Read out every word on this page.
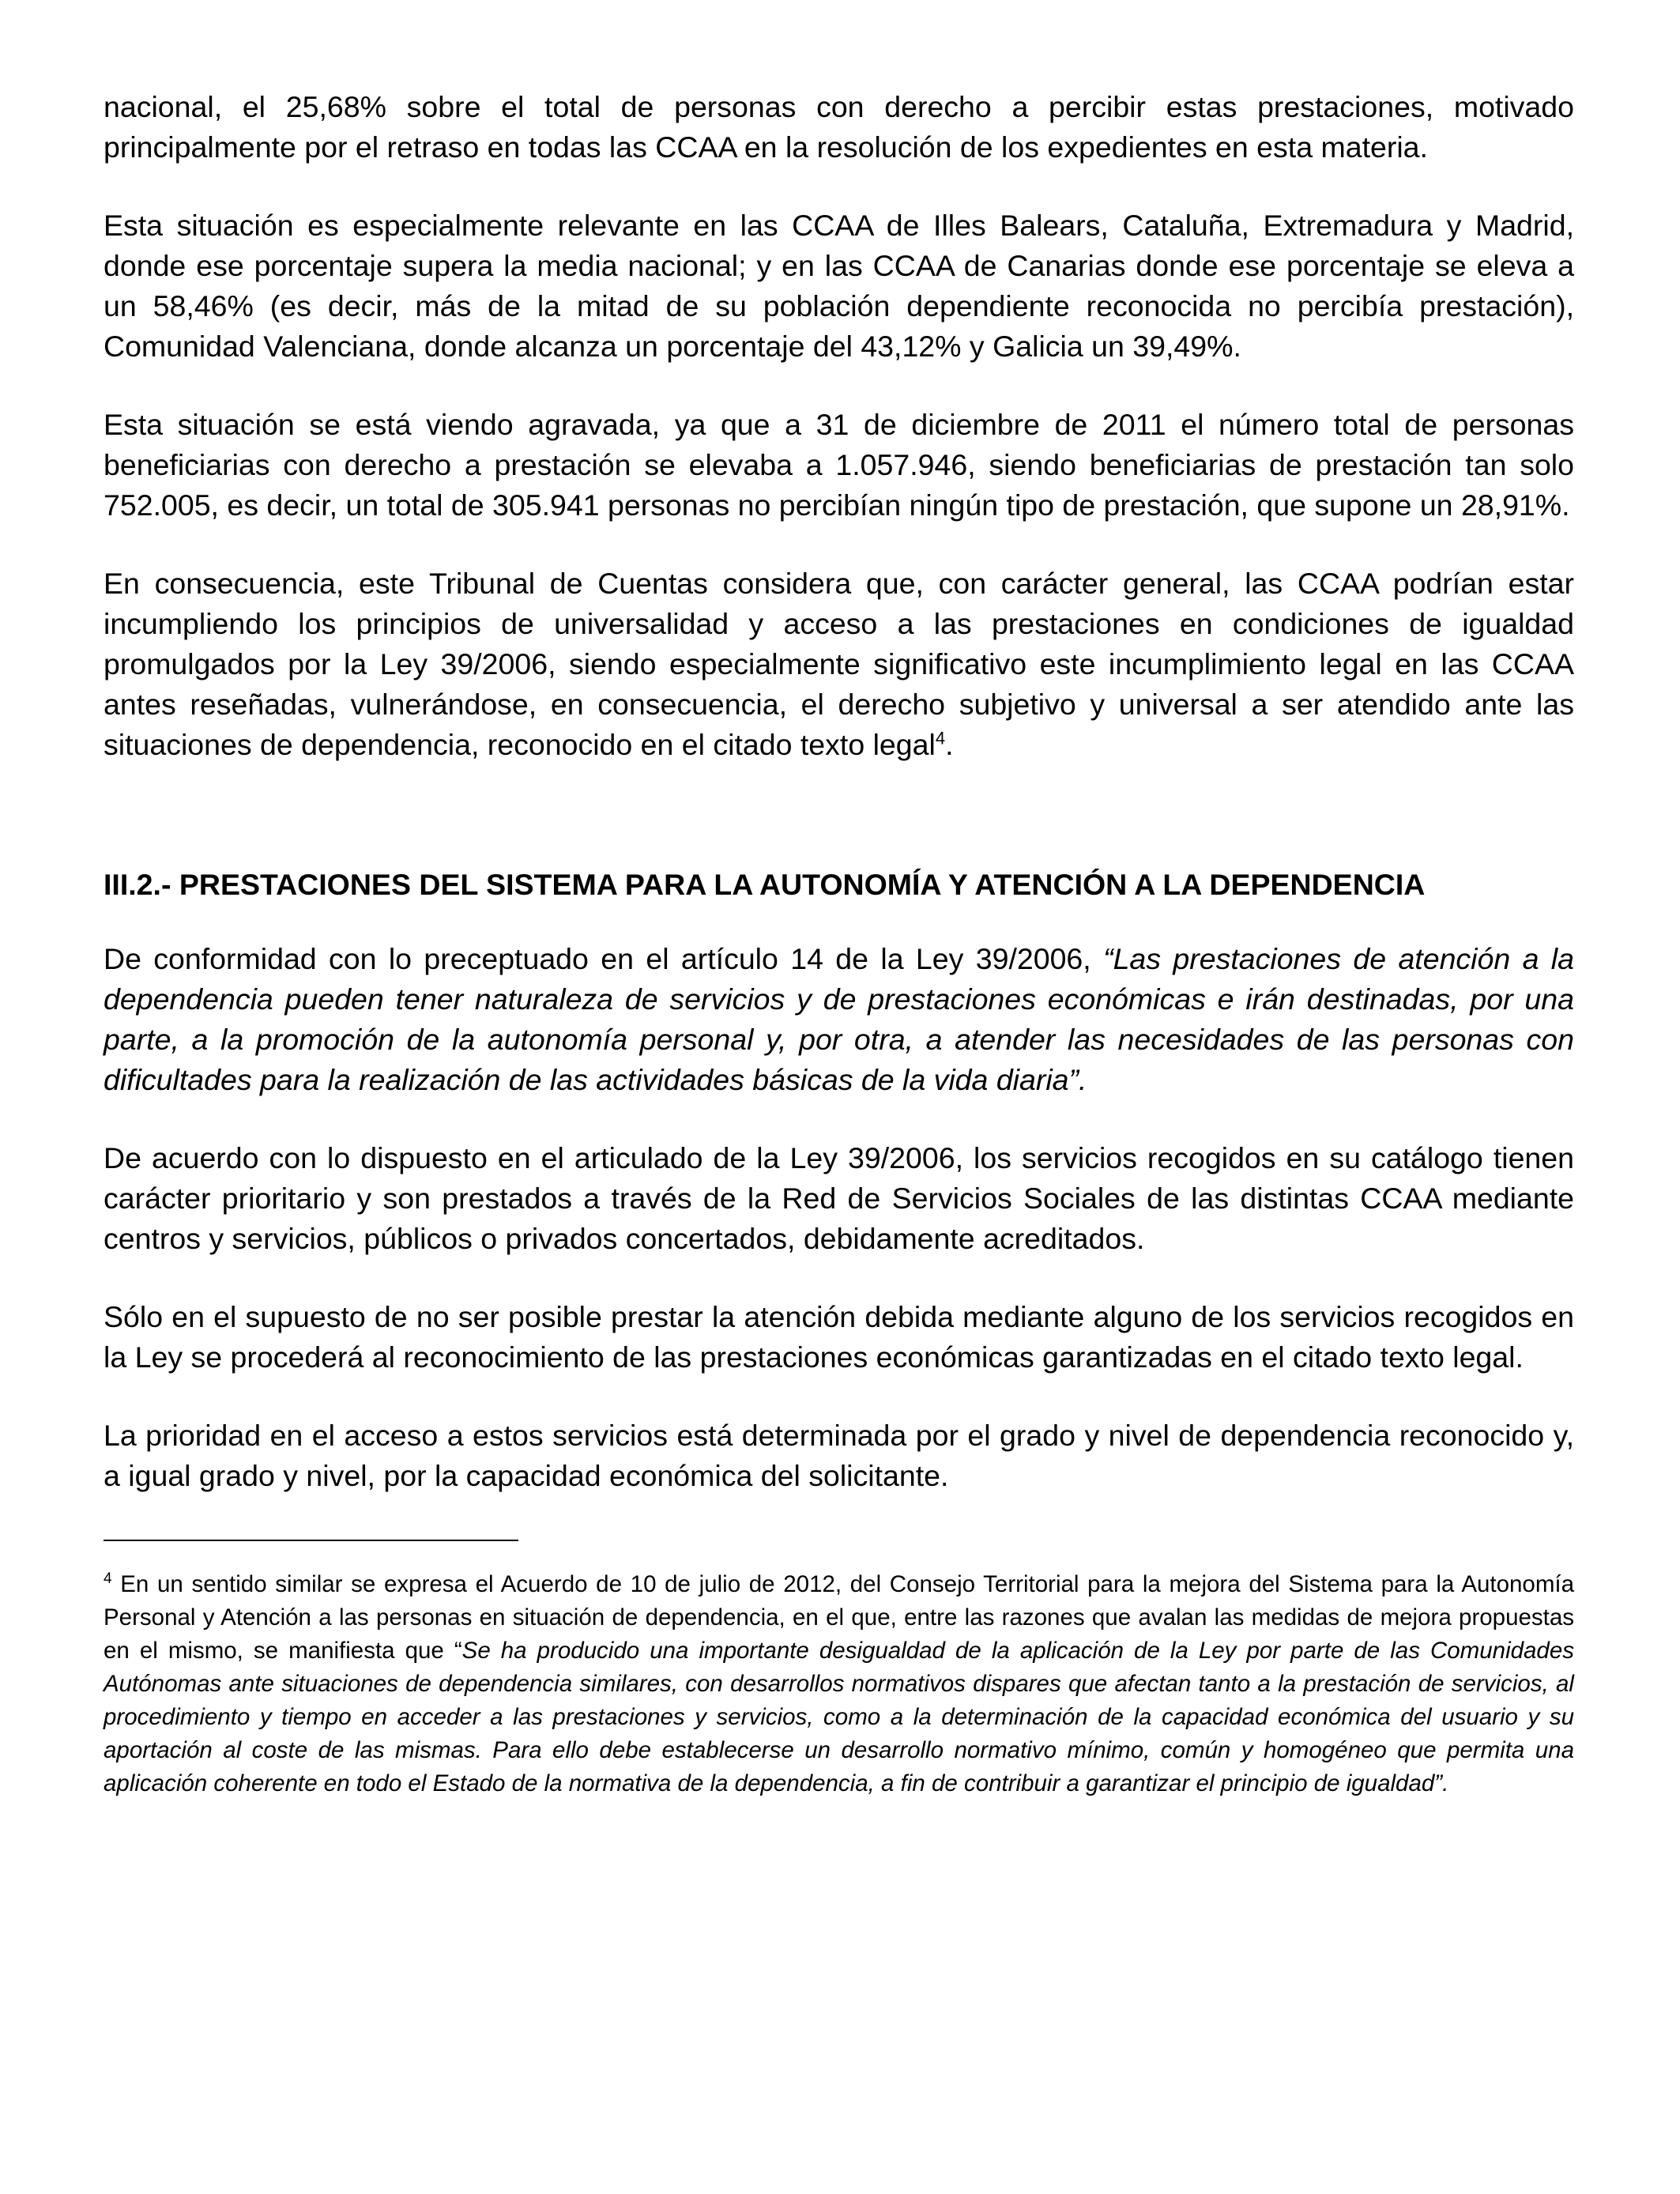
nacional, el 25,68% sobre el total de personas con derecho a percibir estas prestaciones, motivado principalmente por el retraso en todas las CCAA en la resolución de los expedientes en esta materia.

Esta situación es especialmente relevante en las CCAA de Illes Balears, Cataluña, Extremadura y Madrid, donde ese porcentaje supera la media nacional; y en las CCAA de Canarias donde ese porcentaje se eleva a un 58,46% (es decir, más de la mitad de su población dependiente reconocida no percibía prestación), Comunidad Valenciana, donde alcanza un porcentaje del 43,12% y Galicia un 39,49%.

Esta situación se está viendo agravada, ya que a 31 de diciembre de 2011 el número total de personas beneficiarias con derecho a prestación se elevaba a 1.057.946, siendo beneficiarias de prestación tan solo 752.005, es decir, un total de 305.941 personas no percibían ningún tipo de prestación, que supone un 28,91%.

En consecuencia, este Tribunal de Cuentas considera que, con carácter general, las CCAA podrían estar incumpliendo los principios de universalidad y acceso a las prestaciones en condiciones de igualdad promulgados por la Ley 39/2006, siendo especialmente significativo este incumplimiento legal en las CCAA antes reseñadas, vulnerándose, en consecuencia, el derecho subjetivo y universal a ser atendido ante las situaciones de dependencia, reconocido en el citado texto legal$^4$.

III.2.- PRESTACIONES DEL SISTEMA PARA LA AUTONOMÍA Y ATENCIÓN A LA DEPENDENCIA

De conformidad con lo preceptuado en el artículo 14 de la Ley 39/2006, “Las prestaciones de atención a la dependencia pueden tener naturaleza de servicios y de prestaciones económicas e irán destinadas, por una parte, a la promoción de la autonomía personal y, por otra, a atender las necesidades de las personas con dificultades para la realización de las actividades básicas de la vida diaria”.

De acuerdo con lo dispuesto en el articulado de la Ley 39/2006, los servicios recogidos en su catálogo tienen carácter prioritario y son prestados a través de la Red de Servicios Sociales de las distintas CCAA mediante centros y servicios, públicos o privados concertados, debidamente acreditados.

Sólo en el supuesto de no ser posible prestar la atención debida mediante alguno de los servicios recogidos en la Ley se procederá al reconocimiento de las prestaciones económicas garantizadas en el citado texto legal.

La prioridad en el acceso a estos servicios está determinada por el grado y nivel de dependencia reconocido y, a igual grado y nivel, por la capacidad económica del solicitante.

$^4$ En un sentido similar se expresa el Acuerdo de 10 de julio de 2012, del Consejo Territorial para la mejora del Sistema para la Autonomía Personal y Atención a las personas en situación de dependencia, en el que, entre las razones que avalan las medidas de mejora propuestas en el mismo, se manifiesta que “Se ha producido una importante desigualdad de la aplicación de la Ley por parte de las Comunidades Autónomas ante situaciones de dependencia similares, con desarrollos normativos dispares que afectan tanto a la prestación de servicios, al procedimiento y tiempo en acceder a las prestaciones y servicios, como a la determinación de la capacidad económica del usuario y su aportación al coste de las mismas. Para ello debe establecerse un desarrollo normativo mínimo, común y homogéneo que permita una aplicación coherente en todo el Estado de la normativa de la dependencia, a fin de contribuir a garantizar el principio de igualdad”.
